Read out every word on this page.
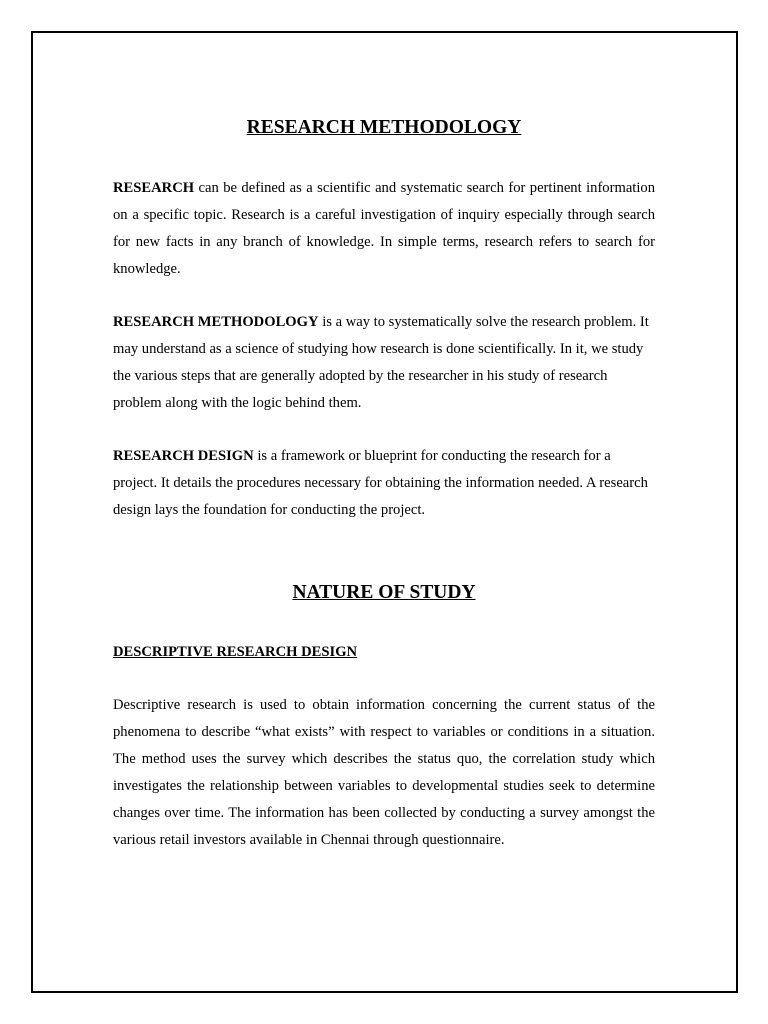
RESEARCH METHODOLOGY

RESEARCH can be defined as a scientific and systematic search for pertinent information on a specific topic. Research is a careful investigation of inquiry especially through search for new facts in any branch of knowledge. In simple terms, research refers to search for knowledge.

RESEARCH METHODOLOGY is a way to systematically solve the research problem. It may understand as a science of studying how research is done scientifically. In it, we study the various steps that are generally adopted by the researcher in his study of research problem along with the logic behind them.

RESEARCH DESIGN is a framework or blueprint for conducting the research for a project. It details the procedures necessary for obtaining the information needed. A research design lays the foundation for conducting the project.

NATURE OF STUDY
DESCRIPTIVE RESEARCH DESIGN

Descriptive research is used to obtain information concerning the current status of the phenomena to describe “what exists” with respect to variables or conditions in a situation. The method uses the survey which describes the status quo, the correlation study which investigates the relationship between variables to developmental studies seek to determine changes over time. The information has been collected by conducting a survey amongst the various retail investors available in Chennai through questionnaire.
